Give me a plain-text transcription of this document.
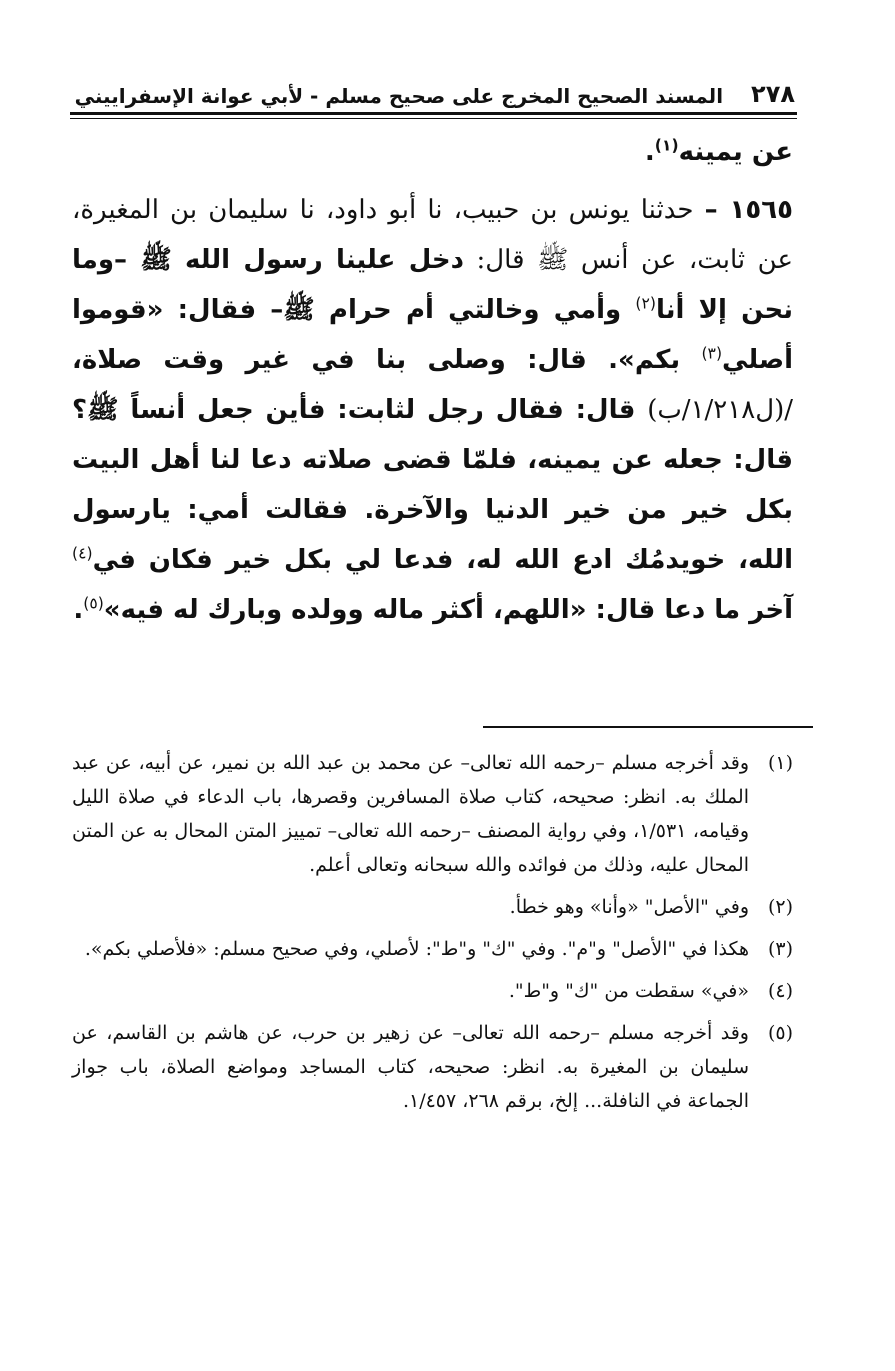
٢٧٨
المسند الصحيح المخرج على صحيح مسلم - لأبي عوانة الإسفراييني

عن يمينه$^{(١)}$.

١٥٦٥ – حدثنا يونس بن حبيب، نا أبو داود، نا سليمان بن المغيرة، عن ثابت، عن أنس ﷺ قال: دخل علينا رسول الله ﷺ –وما نحن إلا أنا$^{(٢)}$ وأمي وخالتي أم حرام ﷺ– فقال: «قوموا أصلي$^{(٣)}$ بكم». قال: وصلى بنا في غير وقت صلاة، /(ل١/٢١٨/ب) قال: فقال رجل لثابت: فأين جعل أنساً ﷺ؟ قال: جعله عن يمينه، فلمّا قضى صلاته دعا لنا أهل البيت بكل خير من خير الدنيا والآخرة. فقالت أمي: يارسول الله، خويدمُك ادع الله له، فدعا لي بكل خير فكان في$^{(٤)}$ آخر ما دعا قال: «اللهم، أكثر ماله وولده وبارك له فيه»$^{(٥)}$.

(١)
وقد أخرجه مسلم –رحمه الله تعالى– عن محمد بن عبد الله بن نمير، عن أبيه، عن عبد الملك به. انظر: صحيحه، كتاب صلاة المسافرين وقصرها، باب الدعاء في صلاة الليل وقيامه، ١/٥٣١، وفي رواية المصنف –رحمه الله تعالى– تمييز المتن المحال به عن المتن المحال عليه، وذلك من فوائده والله سبحانه وتعالى أعلم.
(٢)
وفي "الأصل" «وأنا» وهو خطأ.
(٣)
هكذا في "الأصل" و"م". وفي "ك" و"ط": لأصلي، وفي صحيح مسلم: «فلأصلي بكم».
(٤)
«في» سقطت من "ك" و"ط".
(٥)
وقد أخرجه مسلم –رحمه الله تعالى– عن زهير بن حرب، عن هاشم بن القاسم، عن سليمان بن المغيرة به. انظر: صحيحه، كتاب المساجد ومواضع الصلاة، باب جواز الجماعة في النافلة... إلخ، برقم ٢٦٨، ١/٤٥٧.
